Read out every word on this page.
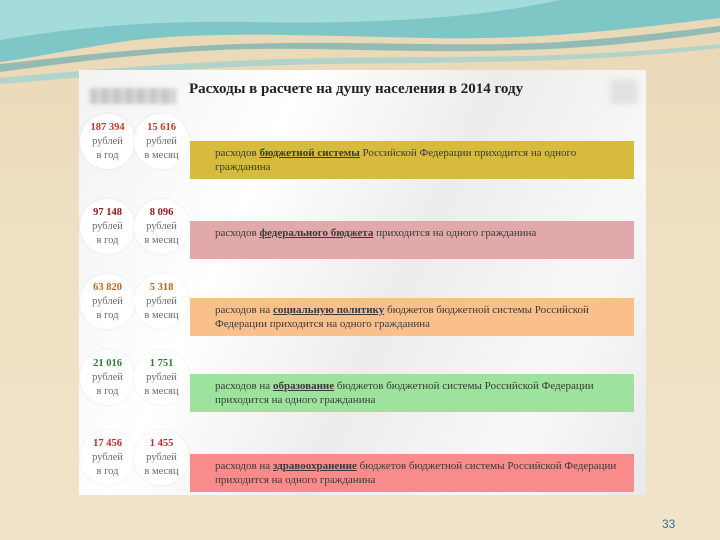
Расходы в расчете на душу населения в 2014 году
187 394
рублей
в год
15 616
рублей
в месяц	расходов бюджетной системы Российской Федерации приходится на одного гражданина
97 148
рублей
в год
8 096
рублей
в месяц
расходов федерального бюджета приходится на одного гражданина
63 820
рублей
в год
5 318
рублей
в месяц	расходов на социальную политику бюджетов бюджетной системы Российской Федерации приходится на одного гражданина
21 016
рублей
в год
1 751
рублей
в месяц	расходов на образование бюджетов бюджетной системы Российской Федерации приходится на одного гражданина
17 456
рублей
в год
1 455
рублей
в месяц	расходов на здравоохранение бюджетов бюджетной системы Российской Федерации приходится на одного гражданина
33
